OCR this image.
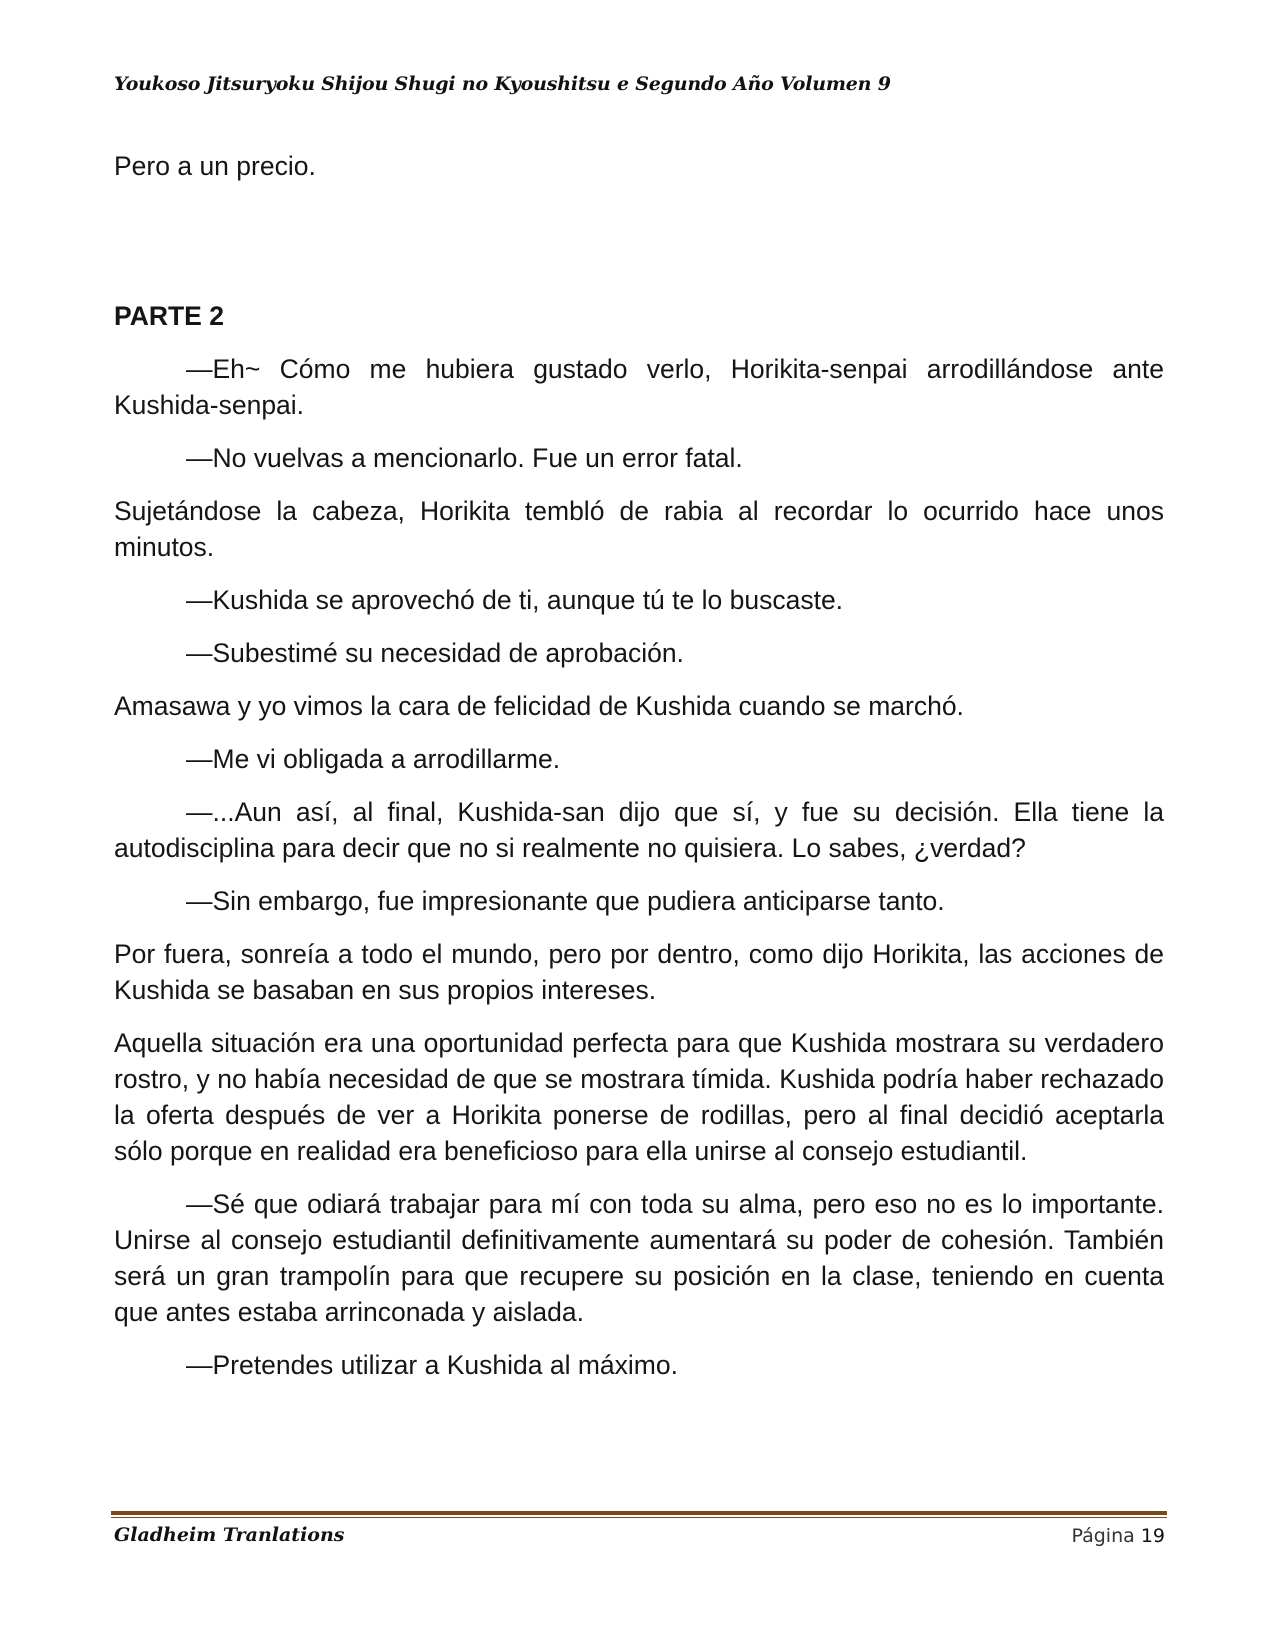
Youkoso Jitsuryoku Shijou Shugi no Kyoushitsu e Segundo Año Volumen 9

Pero a un precio.

PARTE 2

—Eh~ Cómo me hubiera gustado verlo, Horikita-senpai arrodillándose ante Kushida-senpai.

—No vuelvas a mencionarlo. Fue un error fatal.

Sujetándose la cabeza, Horikita tembló de rabia al recordar lo ocurrido hace unos minutos.

—Kushida se aprovechó de ti, aunque tú te lo buscaste.

—Subestimé su necesidad de aprobación.

Amasawa y yo vimos la cara de felicidad de Kushida cuando se marchó.

—Me vi obligada a arrodillarme.

—...Aun así, al final, Kushida-san dijo que sí, y fue su decisión. Ella tiene la autodisciplina para decir que no si realmente no quisiera. Lo sabes, ¿verdad?

—Sin embargo, fue impresionante que pudiera anticiparse tanto.

Por fuera, sonreía a todo el mundo, pero por dentro, como dijo Horikita, las acciones de Kushida se basaban en sus propios intereses.

Aquella situación era una oportunidad perfecta para que Kushida mostrara su verdadero rostro, y no había necesidad de que se mostrara tímida. Kushida podría haber rechazado la oferta después de ver a Horikita ponerse de rodillas, pero al final decidió aceptarla sólo porque en realidad era beneficioso para ella unirse al consejo estudiantil.

—Sé que odiará trabajar para mí con toda su alma, pero eso no es lo importante. Unirse al consejo estudiantil definitivamente aumentará su poder de cohesión. También será un gran trampolín para que recupere su posición en la clase, teniendo en cuenta que antes estaba arrinconada y aislada.

—Pretendes utilizar a Kushida al máximo.

Gladheim Tranlations	Página 19
